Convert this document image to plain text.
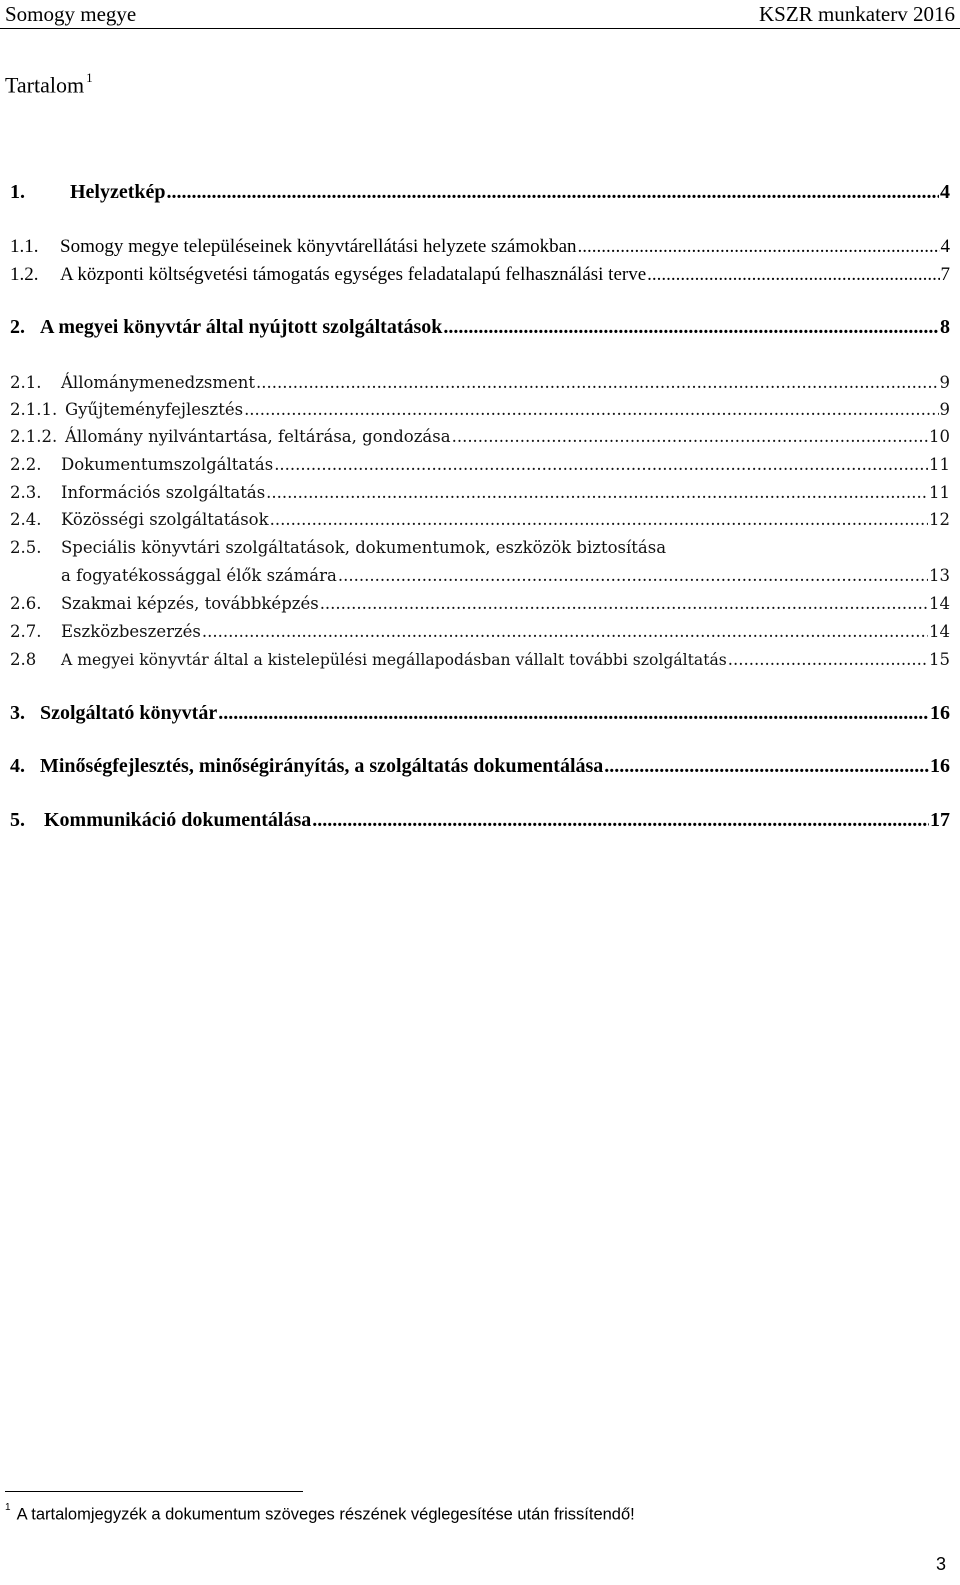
Somogy megye	KSZR munkaterv 2016
Tartalom $^1$
1.	Helyzetkép .....	4
1.1.	Somogy megye településeinek könyvtárellátási helyzete számokban .....	4
1.2.	A központi költségvetési támogatás egységes feladatalapú felhasználási terve .....	7
2. A megyei könyvtár által nyújtott szolgáltatások .....	8
2.1.	Állománymenedzsment .....	9
2.1.1. Gyűjteményfejlesztés .....	9
2.1.2. Állomány nyilvántartása, feltárása, gondozása .....	10
2.2.	Dokumentumszolgáltatás .....	11
2.3.	Információs szolgáltatás .....	11
2.4.	Közösségi szolgáltatások .....	12
2.5.	Speciális könyvtári szolgáltatások, dokumentumok, eszközök biztosítása
a fogyatékossággal élők számára .....	13
2.6.	Szakmai képzés, továbbképzés .....	14
2.7.	Eszközbeszerzés .....	14
2.8	A megyei könyvtár által a kistelepülési megállapodásban vállalt további szolgáltatás .....	15
3. Szolgáltató könyvtár .....	16
4. Minőségfejlesztés, minőségirányítás, a szolgáltatás dokumentálása .....	16
5. Kommunikáció dokumentálása .....	17
$^1$ A tartalomjegyzék a dokumentum szöveges részének véglegesítése után frissítendő!
3
